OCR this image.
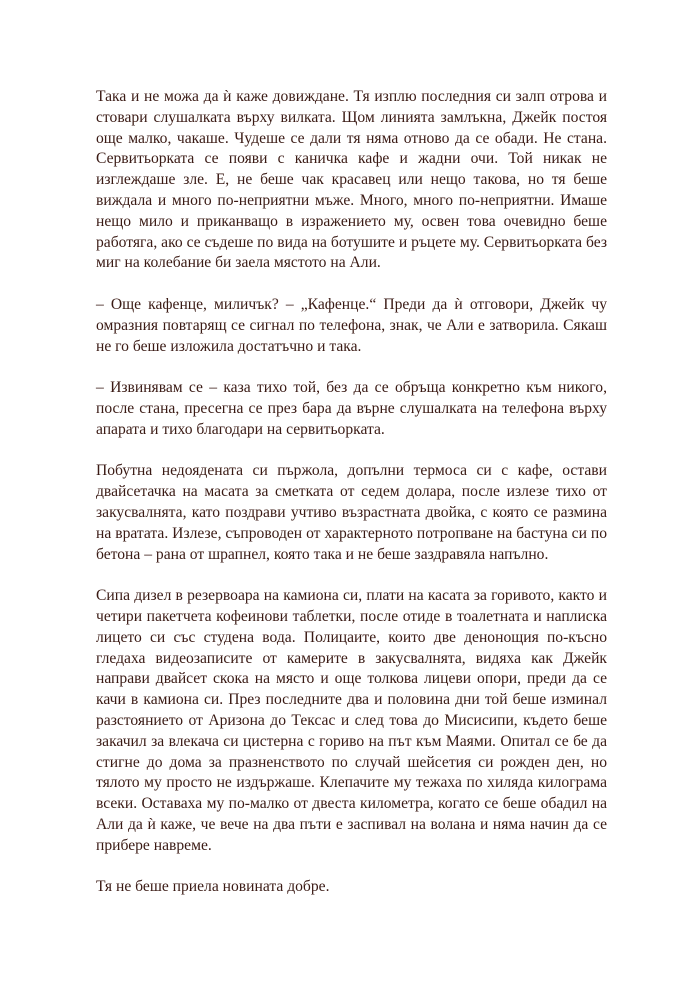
Така и не можа да ѝ каже довиждане. Тя изплю последния си залп отрова и стовари слушалката върху вилката. Щом линията замлъкна, Джейк постоя още малко, чакаше. Чудеше се дали тя няма отново да се обади. Не стана. Сервитьорката се появи с каничка кафе и жадни очи. Той никак не изглеждаше зле. Е, не беше чак красавец или нещо такова, но тя беше виждала и много по-неприятни мъже. Много, много по-неприятни. Имаше нещо мило и приканващо в изражението му, освен това очевидно беше работяга, ако се съдеше по вида на ботушите и ръцете му. Сервитьорката без миг на колебание би заела мястото на Али.

– Още кафенце, миличък? – „Кафенце.“ Преди да ѝ отговори, Джейк чу омразния повтарящ се сигнал по телефона, знак, че Али е затворила. Сякаш не го беше изложила достатъчно и така.

– Извинявам се – каза тихо той, без да се обръща конкретно към никого, после стана, пресегна се през бара да върне слушалката на телефона върху апарата и тихо благодари на сервитьорката.

Побутна недоядената си пържола, допълни термоса си с кафе, остави двайсетачка на масата за сметката от седем долара, после излезе тихо от закусвалнята, като поздрави учтиво възрастната двойка, с която се размина на вратата. Излезе, съпроводен от характерното потропване на бастуна си по бетона – рана от шрапнел, която така и не беше заздравяла напълно.

Сипа дизел в резервоара на камиона си, плати на касата за горивото, както и четири пакетчета кофеинови таблетки, после отиде в тоалетната и наплиска лицето си със студена вода. Полицаите, които две денонощия по-късно гледаха видеозаписите от камерите в закусвалнята, видяха как Джейк направи двайсет скока на място и още толкова лицеви опори, преди да се качи в камиона си. През последните два и половина дни той беше изминал разстоянието от Аризона до Тексас и след това до Мисисипи, където беше закачил за влекача си цистерна с гориво на път към Маями. Опитал се бе да стигне до дома за празненството по случай шейсетия си рожден ден, но тялото му просто не издържаше. Клепачите му тежаха по хиляда килограма всеки. Оставаха му по-малко от двеста километра, когато се беше обадил на Али да ѝ каже, че вече на два пъти е заспивал на волана и няма начин да се прибере навреме.

Тя не беше приела новината добре.
